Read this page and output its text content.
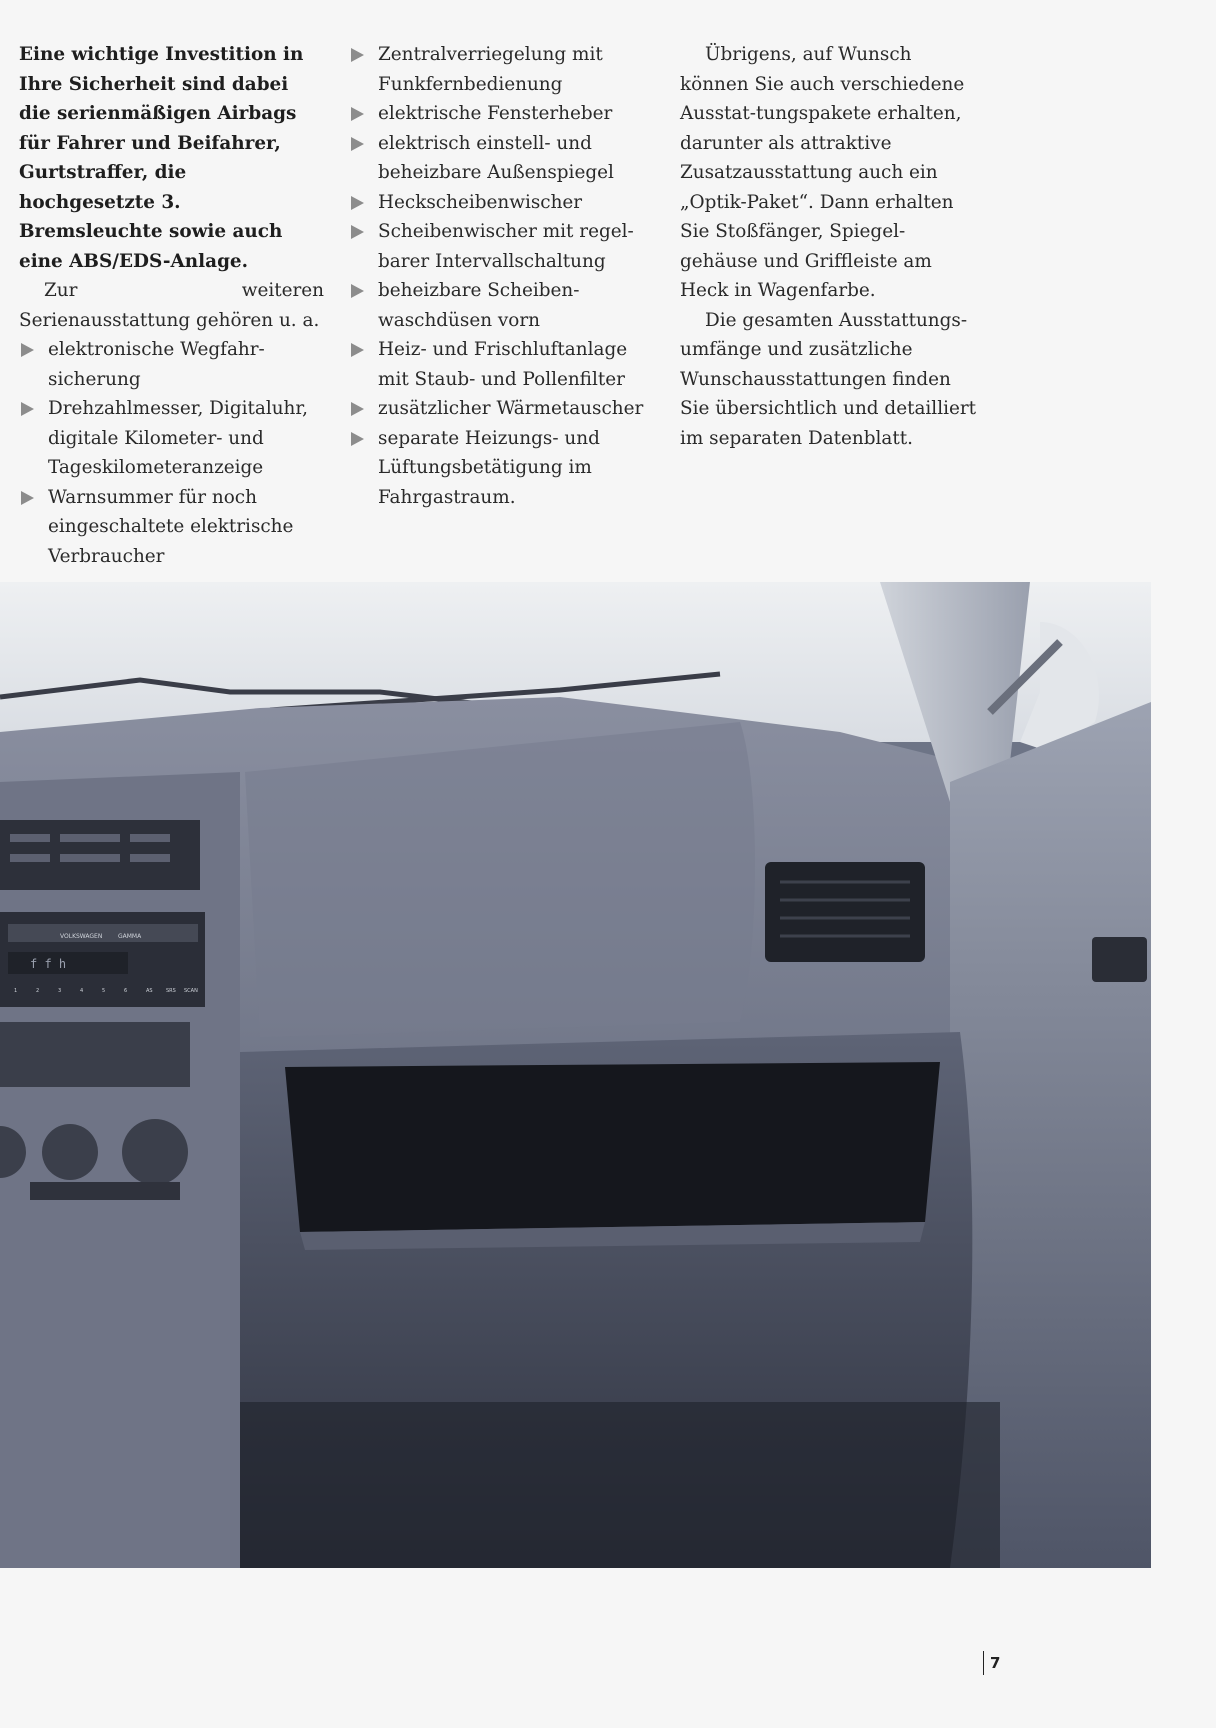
Eine wichtige Investition in Ihre Sicherheit sind dabei die serienmäßigen Airbags für Fahrer und Beifahrer, Gurtstraffer, die hochgesetzte 3. Bremsleuchte sowie auch eine ABS/EDS-Anlage.

Zur weiteren Serienausstattung gehören u. a.

elektronische Wegfahr-sicherung
Drehzahlmesser, Digitaluhr, digitale Kilometer- und Tageskilometeranzeige
Warnsummer für noch eingeschaltete elektrische Verbraucher
Zentralverriegelung mit Funkfernbedienung
elektrische Fensterheber
elektrisch einstell- und beheizbare Außenspiegel
Heckscheibenwischer
Scheibenwischer mit regel-barer Intervallschaltung
beheizbare Scheiben-waschdüsen vorn
Heiz- und Frischluftanlage mit Staub- und Pollenfilter
zusätzlicher Wärmetauscher
separate Heizungs- und Lüftungsbetätigung im Fahrgastraum.

Übrigens, auf Wunsch können Sie auch verschiedene Ausstat-tungspakete erhalten, darunter als attraktive Zusatzausstattung auch ein „Optik-Paket“. Dann erhalten Sie Stoßfänger, Spiegel-gehäuse und Griffleiste am Heck in Wagenfarbe.

Die gesamten Ausstattungs-umfänge und zusätzliche Wunschausstattungen finden Sie übersichtlich und detailliert im separaten Datenblatt.

VOLKSWAGEN	GAMMA
f f h
1	2	3	4	5	6	AS	SRS SCAN
7
